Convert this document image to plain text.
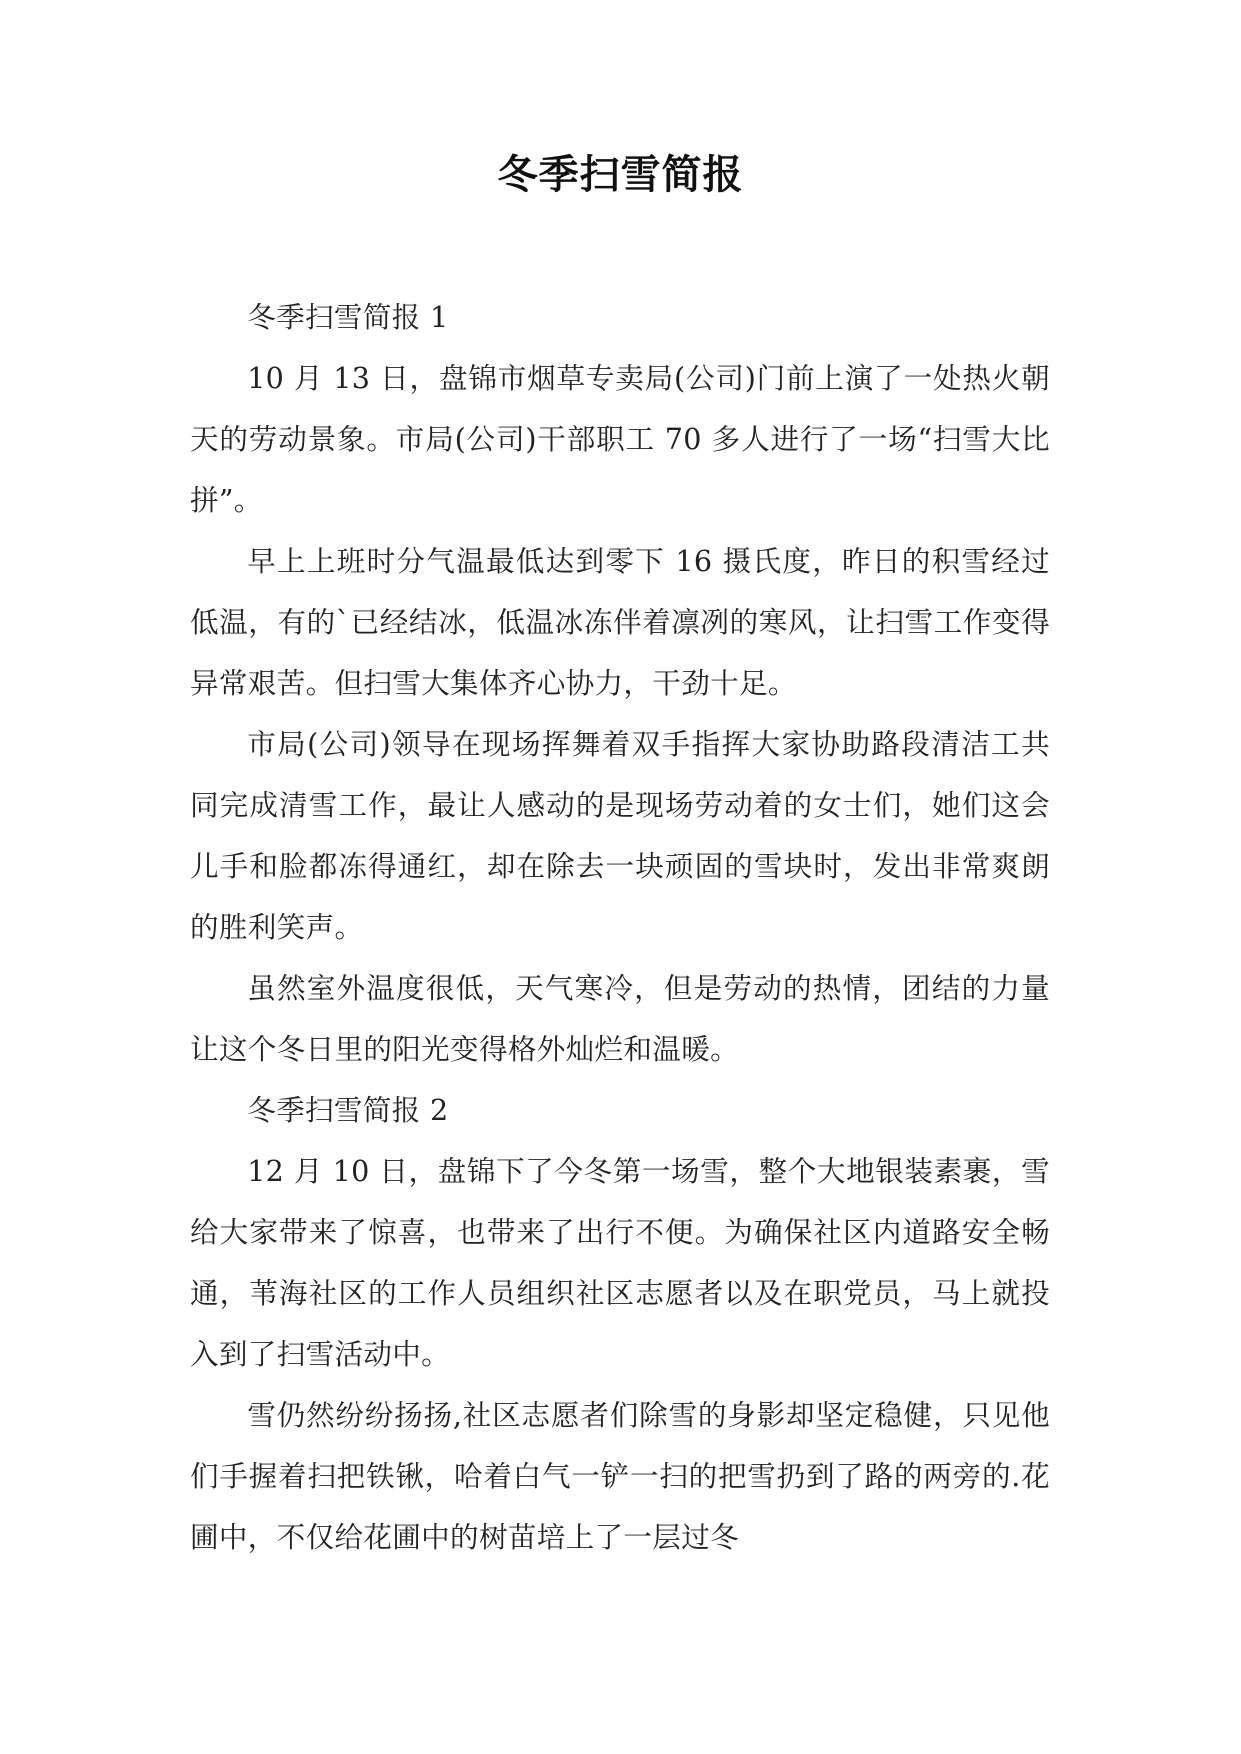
冬季扫雪简报

冬季扫雪简报 1

10 月 13 日，盘锦市烟草专卖局(公司)门前上演了一处热火朝天的劳动景象。市局(公司)干部职工 70 多人进行了一场“扫雪大比拼”。

早上上班时分气温最低达到零下 16 摄氏度，昨日的积雪经过低温，有的`已经结冰，低温冰冻伴着凛冽的寒风，让扫雪工作变得异常艰苦。但扫雪大集体齐心协力，干劲十足。

市局(公司)领导在现场挥舞着双手指挥大家协助路段清洁工共同完成清雪工作，最让人感动的是现场劳动着的女士们，她们这会儿手和脸都冻得通红，却在除去一块顽固的雪块时，发出非常爽朗的胜利笑声。

虽然室外温度很低，天气寒冷，但是劳动的热情，团结的力量让这个冬日里的阳光变得格外灿烂和温暖。

冬季扫雪简报 2

12 月 10 日，盘锦下了今冬第一场雪，整个大地银装素裹，雪给大家带来了惊喜，也带来了出行不便。为确保社区内道路安全畅通，苇海社区的工作人员组织社区志愿者以及在职党员，马上就投入到了扫雪活动中。

雪仍然纷纷扬扬,社区志愿者们除雪的身影却坚定稳健，只见他们手握着扫把铁锹，哈着白气一铲一扫的把雪扔到了路的两旁的.花圃中，不仅给花圃中的树苗培上了一层过冬
